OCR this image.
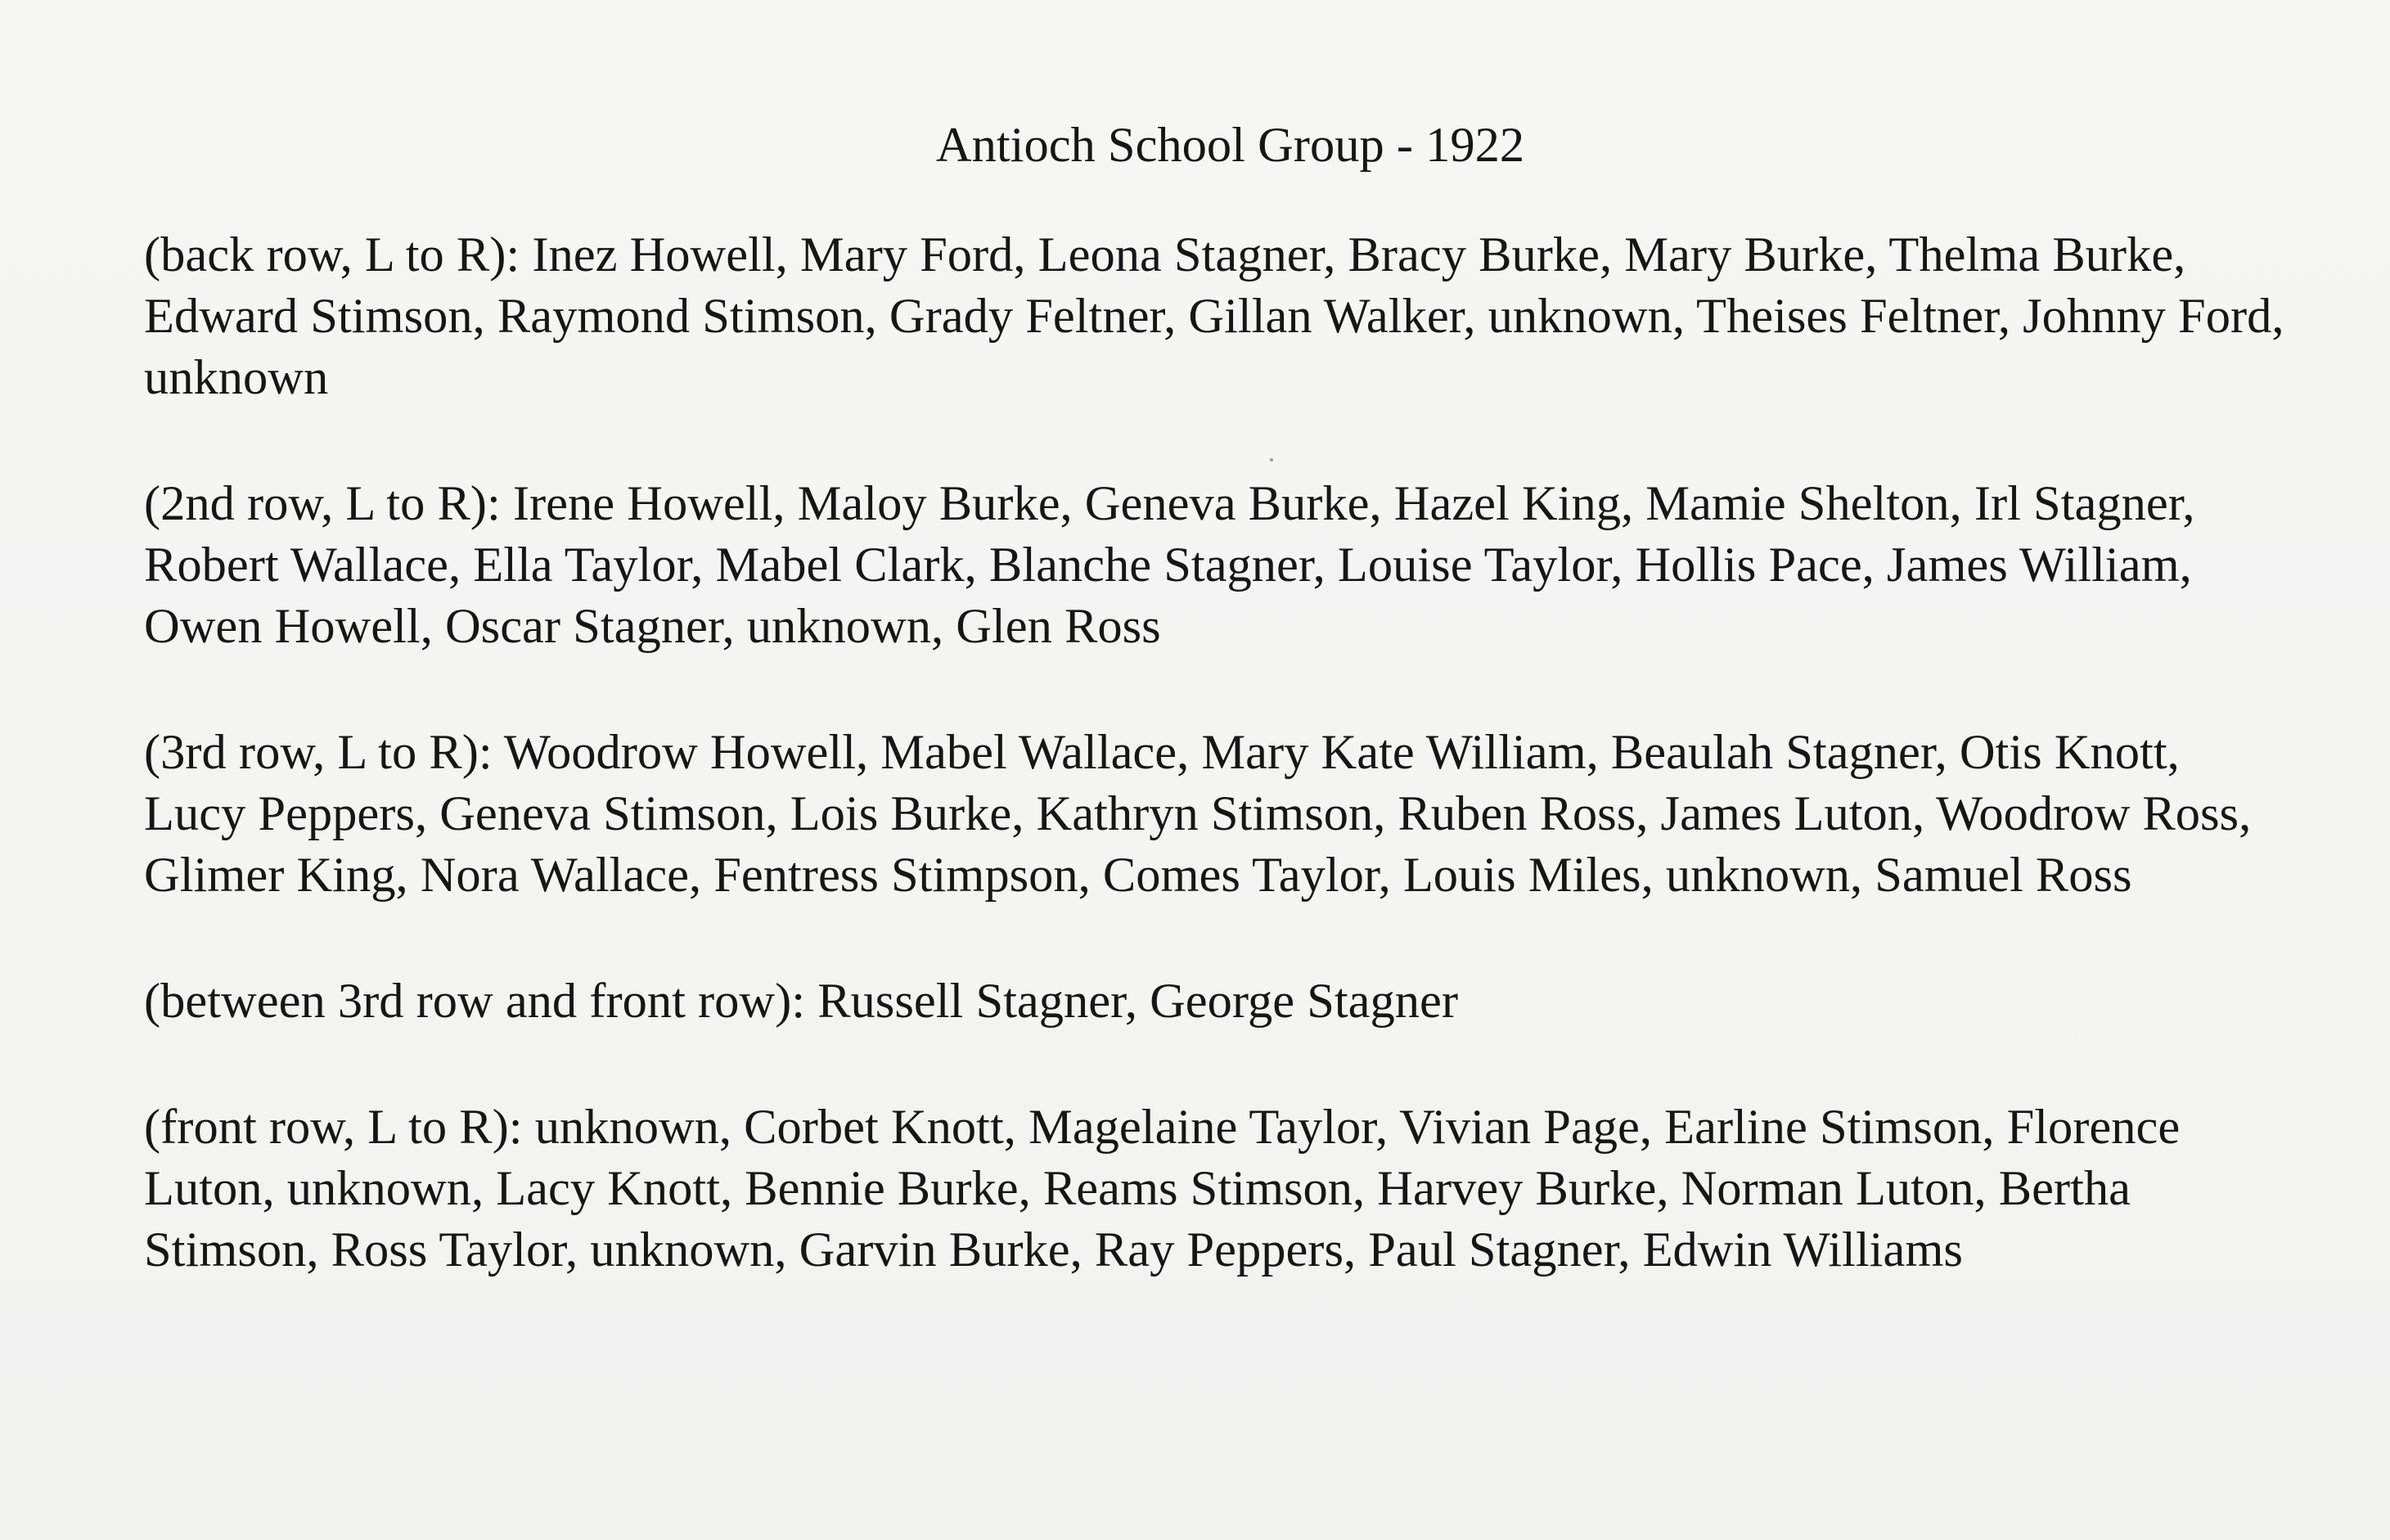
Antioch School Group - 1922

(back row, L to R): Inez Howell, Mary Ford, Leona Stagner, Bracy Burke, Mary Burke, Thelma Burke, Edward Stimson, Raymond Stimson, Grady Feltner, Gillan Walker, unknown, Theises Feltner, Johnny Ford, unknown

(2nd row, L to R): Irene Howell, Maloy Burke, Geneva Burke, Hazel King, Mamie Shelton, Irl Stagner, Robert Wallace, Ella Taylor, Mabel Clark, Blanche Stagner, Louise Taylor, Hollis Pace, James William, Owen Howell, Oscar Stagner, unknown, Glen Ross

(3rd row, L to R): Woodrow Howell, Mabel Wallace, Mary Kate William, Beaulah Stagner, Otis Knott, Lucy Peppers, Geneva Stimson, Lois Burke, Kathryn Stimson, Ruben Ross, James Luton, Woodrow Ross, Glimer King, Nora Wallace, Fentress Stimpson, Comes Taylor, Louis Miles, unknown, Samuel Ross

(between 3rd row and front row): Russell Stagner, George Stagner

(front row, L to R): unknown, Corbet Knott, Magelaine Taylor, Vivian Page, Earline Stimson, Florence Luton, unknown, Lacy Knott, Bennie Burke, Reams Stimson, Harvey Burke, Norman Luton, Bertha Stimson, Ross Taylor, unknown, Garvin Burke, Ray Peppers, Paul Stagner, Edwin Williams
